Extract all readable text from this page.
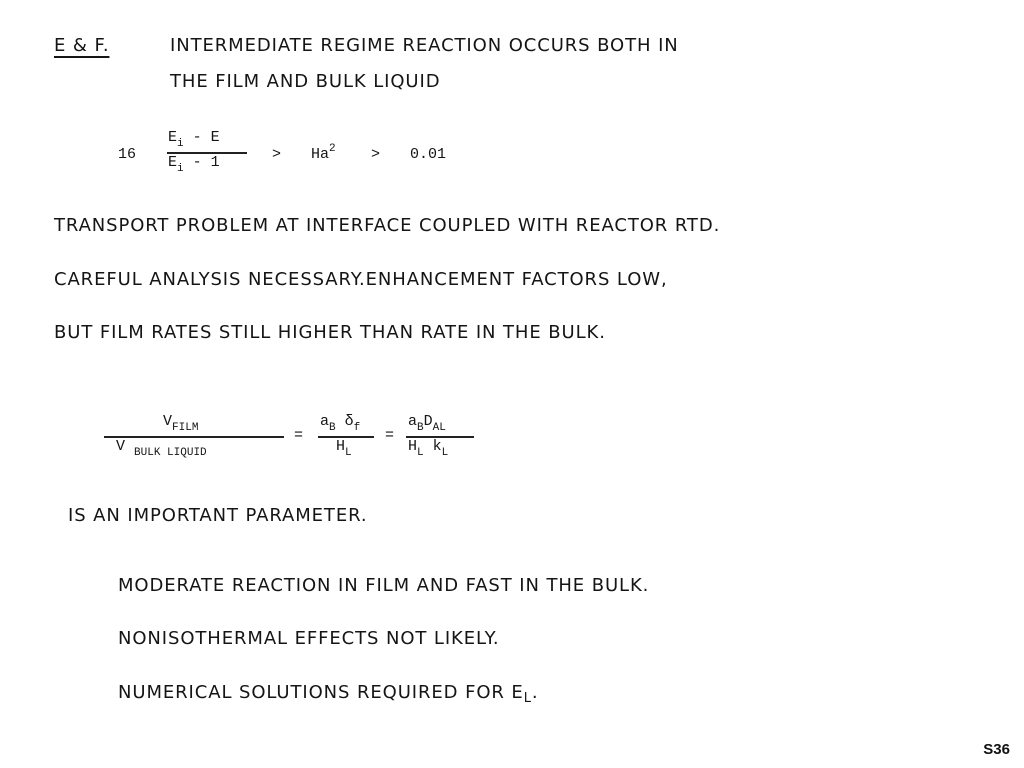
E & F.	INTERMEDIATE REGIME REACTION OCCURS BOTH IN
THE FILM AND BULK LIQUID
16
$E_i$ - E
$E_i - 1$	> $Ha^2 > 0.01$
TRANSPORT PROBLEM AT INTERFACE COUPLED WITH REACTOR RTD.
CAREFUL ANALYSIS NECESSARY.ENHANCEMENT FACTORS LOW,
BUT FILM RATES STILL HIGHER THAN RATE IN THE BULK.
$V_{FILM}$
V $_{BULK LIQUID}$
=
$a_B$ $\delta_f$
$H_L$
=
$a_BD_{AL}$
$H_L$ $k_L$
IS AN IMPORTANT PARAMETER.
MODERATE REACTION IN FILM AND FAST IN THE BULK.
NONISOTHERMAL EFFECTS NOT LIKELY.
NUMERICAL SOLUTIONS REQUIRED FOR $E_L$.
S36
